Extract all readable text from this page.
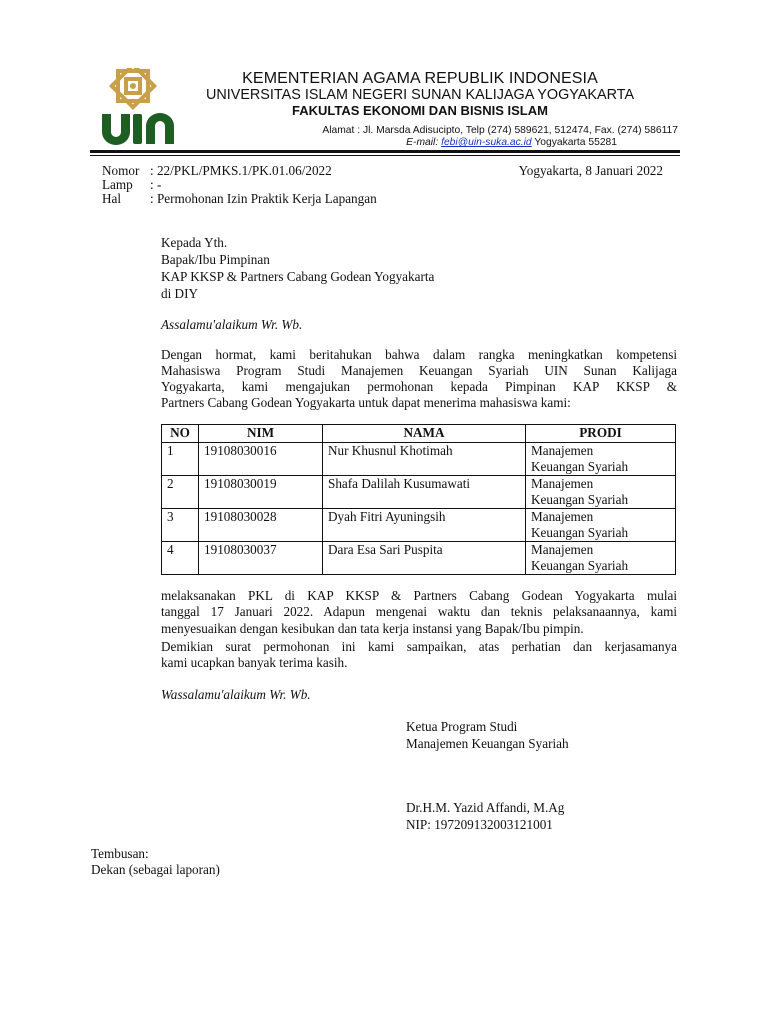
KEMENTERIAN AGAMA REPUBLIK INDONESIA
UNIVERSITAS ISLAM NEGERI SUNAN KALIJAGA YOGYAKARTA
FAKULTAS EKONOMI DAN BISNIS ISLAM
Alamat : Jl. Marsda Adisucipto, Telp (274) 589621, 512474, Fax. (274) 586117
E-mail: febi@uin-suka.ac.id Yogyakarta 55281
Nomor : 22/PKL/PMKS.1/PK.01.06/2022
Lamp	: -
Hal	: Permohonan Izin Praktik Kerja Lapangan
Yogyakarta, 8 Januari 2022
Kepada Yth.
Bapak/Ibu Pimpinan
KAP KKSP & Partners Cabang Godean Yogyakarta
di DIY
Assalamu'alaikum Wr. Wb.
Dengan hormat, kami beritahukan bahwa dalam rangka meningkatkan kompetensi
Mahasiswa Program Studi Manajemen Keuangan Syariah UIN Sunan Kalijaga
Yogyakarta, kami mengajukan permohonan kepada Pimpinan KAP KKSP &
Partners Cabang Godean Yogyakarta untuk dapat menerima mahasiswa kami:
NO	NIM	NAMA	PRODI
1	19108030016	Nur Khusnul Khotimah	Manajemen
Keuangan Syariah

2	19108030019	Shafa Dalilah Kusumawati	Manajemen
Keuangan Syariah

3	19108030028	Dyah Fitri Ayuningsih	Manajemen
Keuangan Syariah

4	19108030037	Dara Esa Sari Puspita	Manajemen
Keuangan Syariah
melaksanakan PKL di KAP KKSP & Partners Cabang Godean Yogyakarta mulai
tanggal 17 Januari 2022. Adapun mengenai waktu dan teknis pelaksanaannya, kami
menyesuaikan dengan kesibukan dan tata kerja instansi yang Bapak/Ibu pimpin.
Demikian surat permohonan ini kami sampaikan, atas perhatian dan kerjasamanya
kami ucapkan banyak terima kasih.
Wassalamu'alaikum Wr. Wb.
Ketua Program Studi
Manajemen Keuangan Syariah
Dr.H.M. Yazid Affandi, M.Ag
NIP: 197209132003121001
Tembusan:
Dekan (sebagai laporan)
